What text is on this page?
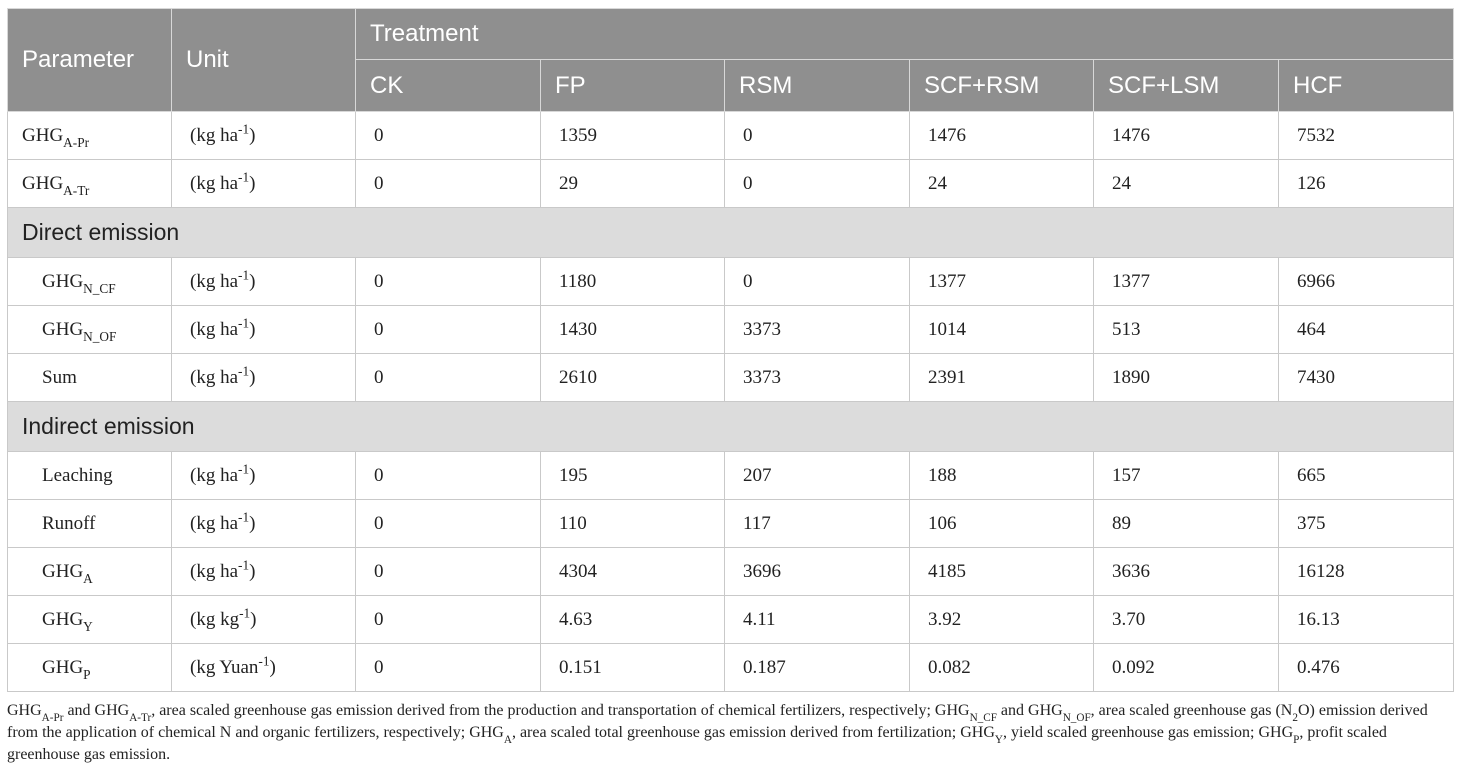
Parameter	Unit	Treatment					

		CK	FP	RSM	SCF+RSM	SCF+LSM	HCF

$GHG_{A-Pr}$	(kg $ha^{-1}$)	0	1359	0	1476	1476	7532

$GHG_{A-Tr}$	(kg $ha^{-1}$)	0	29	0	24	24	126

Direct emission							

$GHG_{N\_CF}$	(kg $ha^{-1}$)	0	1180	0	1377	1377	6966

$GHG_{N\_OF}$	(kg $ha^{-1}$)	0	1430	3373	1014	513	464

Sum	(kg $ha^{-1}$)	0	2610	3373	2391	1890	7430

Indirect emission							

Leaching	(kg $ha^{-1}$)	0	195	207	188	157	665

Runoff	(kg $ha^{-1}$)	0	110	117	106	89	375

$GHG_A$	(kg $ha^{-1}$)	0	4304	3696	4185	3636	16128

$GHG_Y$	(kg $kg^{-1}$)	0	4.63	4.11	3.92	3.70	16.13

$GHG_P$	(kg Yuan$^{-1}$)	0	0.151	0.187	0.082	0.092	0.476
$GHG_{A-Pr}$ and $GHG_{A-Tr}$, area scaled greenhouse gas emission derived from the production and transportation of chemical fertilizers, respectively; $GHG_{N\_CF}$ and $GHG_{N\_OF}$, area scaled greenhouse gas $(N_2O)$ emission derived from the application of chemical N and organic fertilizers, respectively; $GHG_A$, area scaled total greenhouse gas emission derived from fertilization; $GHG_Y$, yield scaled greenhouse gas emission; $GHG_P$, profit scaled greenhouse gas emission.
